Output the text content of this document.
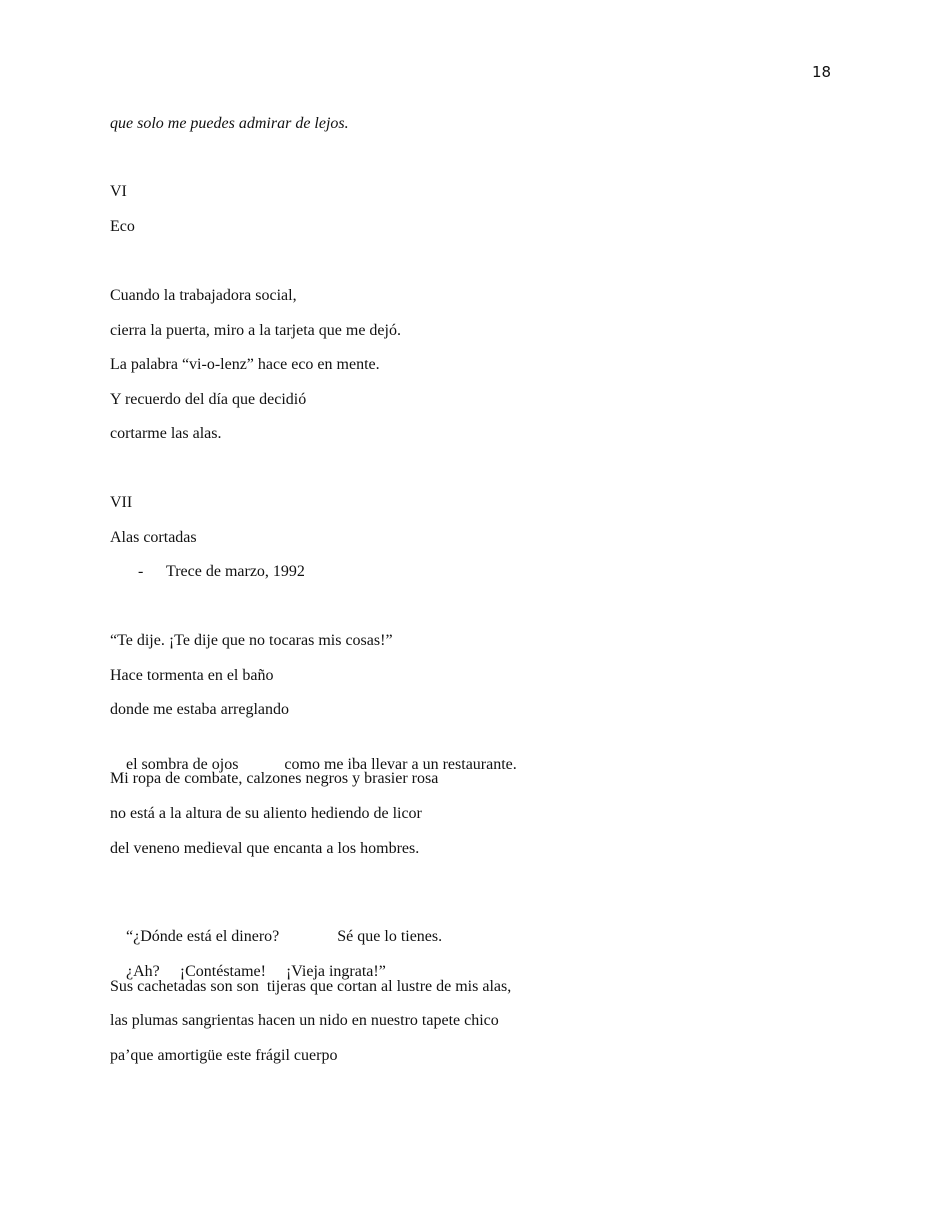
18
que solo me puedes admirar de lejos.
VI
Eco
Cuando la trabajadora social,
cierra la puerta, miro a la tarjeta que me dejó.
La palabra “vi-o-lenz” hace eco en mente.
Y recuerdo del día que decidió
cortarme las alas.
VII
Alas cortadas

-

Trece de marzo, 1992

“Te dije. ¡Te dije que no tocaras mis cosas!”
Hace tormenta en el baño
donde me estaba arreglando

el sombra de ojos	como me iba llevar a un restaurante.

Mi ropa de combate, calzones negros y brasier rosa
no está a la altura de su aliento hediendo de licor
del veneno medieval que encanta a los hombres.

“¿Dónde está el dinero?	Sé que lo tienes.

¿Ah? ¡Contéstame! ¡Vieja ingrata!”

Sus cachetadas son son  tijeras que cortan al lustre de mis alas,
las plumas sangrientas hacen un nido en nuestro tapete chico
pa’que amortigüe este frágil cuerpo
